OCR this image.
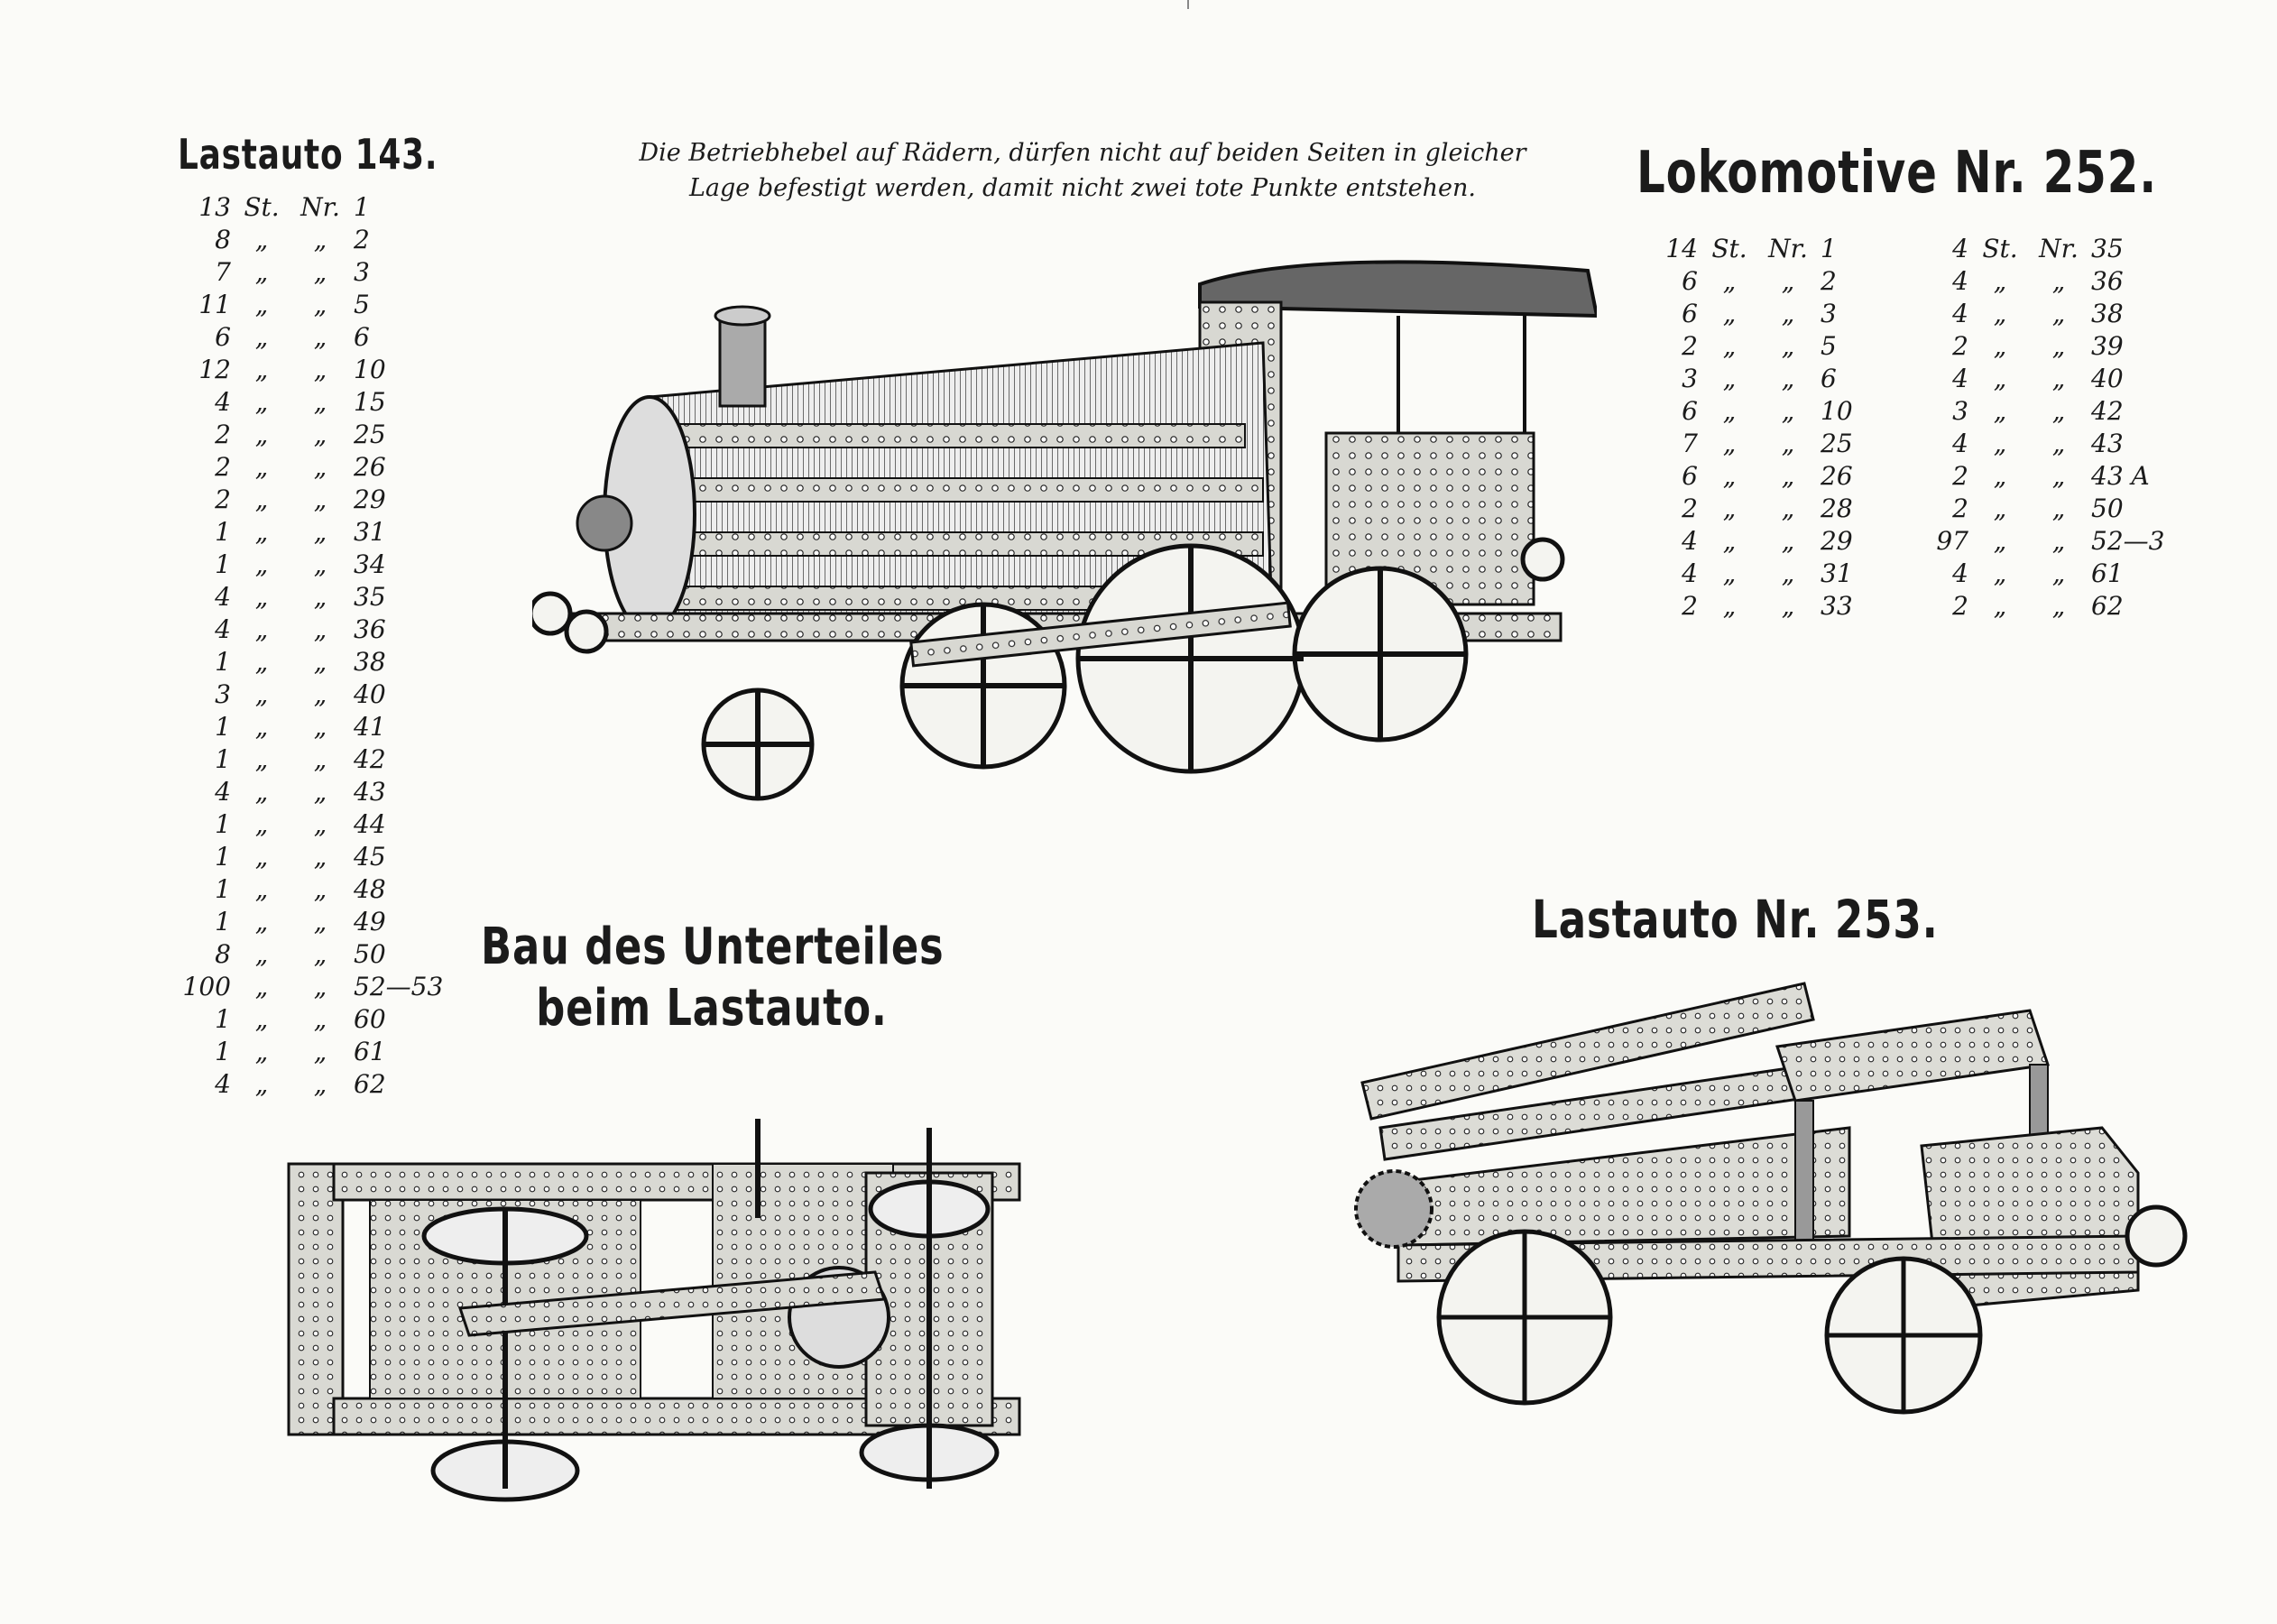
Lastauto 143.	Die Betriebhebel auf Rädern, dürfen nicht auf beiden Seiten in gleicher
Lage befestigt werden, damit nicht zwei tote Punkte entstehen.	Lokomotive Nr. 252.
13 St. Nr. 1
8 „	„	2
7 „	„	3
11 „	„	5
6 „	„	6
12 „	„	10
4 „	„	15
2 „	„	25
2 „	„	26
2 „	„	29
1 „	„	31
1 „	„	34
4 „	„	35
4 „	„	36
1 „	„	38
3 „	„	40
1 „	„	41
1 „	„	42
4 „	„	43
1 „	„	44
1 „	„	45
1 „	„	48
1 „	„	49
8 „	„	50
100 „	„	52—53
1 „	„	60
1 „	„	61
4 „	„	62
14 St. Nr. 1
6 „	„	2
6 „	„	3
2 „	„	5
3 „	„	6
6 „	„	10
7 „	„	25
6 „	„	26
2 „	„	28
4 „	„	29
4 „	„	31
2 „	„	33
4 St. Nr. 35
4 „	„	36
4 „	„	38
2 „	„	39
4 „	„	40
3 „	„	42
4 „	„	43
2 „	„	43 A
2 „	„	50
97 „	„	52—3
4 „	„	61
2 „	„	62
Bau des Unterteiles
beim Lastauto.
Lastauto Nr. 253.
